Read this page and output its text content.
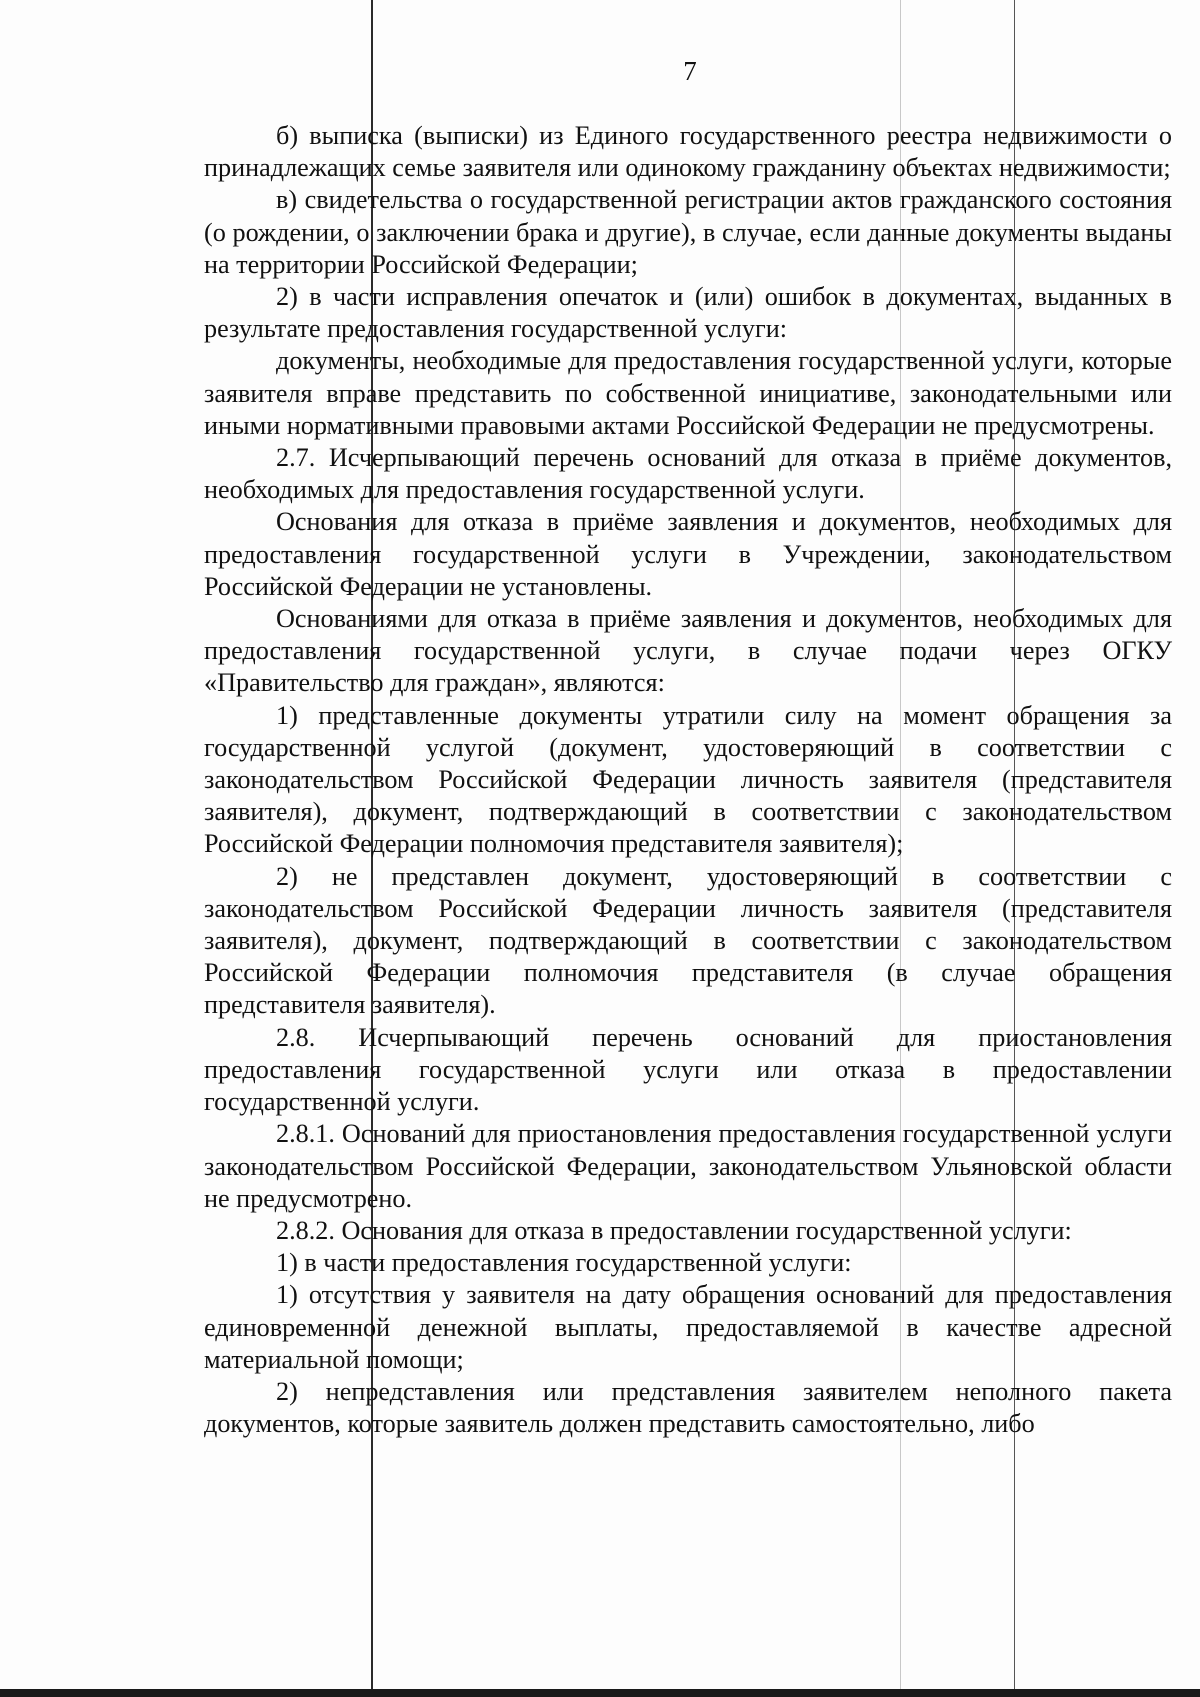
7

б) выписка (выписки) из Единого государственного реестра недвижимости о принадлежащих семье заявителя или одинокому гражданину объектах недвижимости;

в) свидетельства о государственной регистрации актов гражданского состояния (о рождении, о заключении брака и другие), в случае, если данные документы выданы на территории Российской Федерации;

2) в части исправления опечаток и (или) ошибок в документах, выданных в результате предоставления государственной услуги:

документы, необходимые для предоставления государственной услуги, которые заявителя вправе представить по собственной инициативе, законодательными или иными нормативными правовыми актами Российской Федерации не предусмотрены.

2.7. Исчерпывающий перечень оснований для отказа в приёме документов, необходимых для предоставления государственной услуги.

Основания для отказа в приёме заявления и документов, необходимых для предоставления государственной услуги в Учреждении, законодательством Российской Федерации не установлены.

Основаниями для отказа в приёме заявления и документов, необходимых для предоставления государственной услуги, в случае подачи через ОГКУ «Правительство для граждан», являются:

1) представленные документы утратили силу на момент обращения за государственной услугой (документ, удостоверяющий в соответствии с законодательством Российской Федерации личность заявителя (представителя заявителя), документ, подтверждающий в соответствии с законодательством Российской Федерации полномочия представителя заявителя);

2) не представлен документ, удостоверяющий в соответствии с законодательством Российской Федерации личность заявителя (представителя заявителя), документ, подтверждающий в соответствии с законодательством Российской Федерации полномочия представителя (в случае обращения представителя заявителя).

2.8. Исчерпывающий перечень оснований для приостановления предоставления государственной услуги или отказа в предоставлении государственной услуги.

2.8.1. Оснований для приостановления предоставления государственной услуги законодательством Российской Федерации, законодательством Ульяновской области не предусмотрено.

2.8.2. Основания для отказа в предоставлении государственной услуги:

1) в части предоставления государственной услуги:

1) отсутствия у заявителя на дату обращения оснований для предоставления единовременной денежной выплаты, предоставляемой в качестве адресной материальной помощи;

2) непредставления или представления заявителем неполного пакета документов, которые заявитель должен представить самостоятельно, либо
